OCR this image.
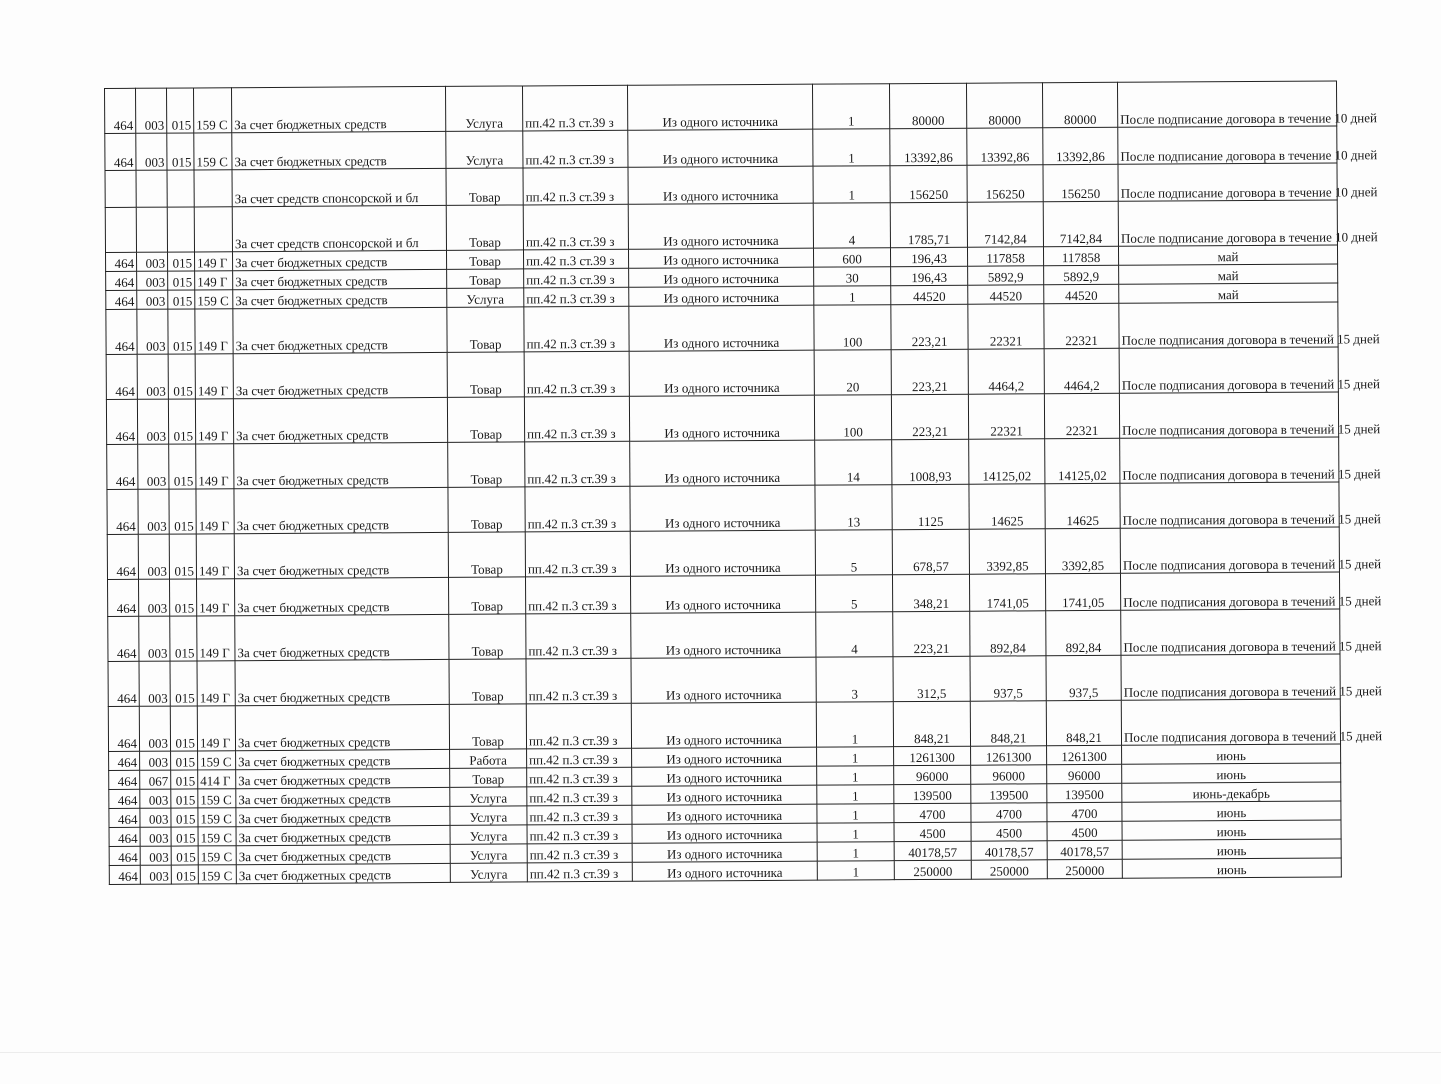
464	003	015	159 С	За счет бюджетных средств	Услуга	пп.42 п.3 ст.39 з	Из одного источника	1	80000	80000	80000	После подписание договора в течение 10 дней
464	003	015	159 С	За счет бюджетных средств	Услуга	пп.42 п.3 ст.39 з	Из одного источника	1	13392,86	13392,86	13392,86	После подписание договора в течение 10 дней
				За счет средств спонсорской и бл	Товар	пп.42 п.3 ст.39 з	Из одного источника	1	156250	156250	156250	После подписание договора в течение 10 дней
				За счет средств спонсорской и бл	Товар	пп.42 п.3 ст.39 з	Из одного источника	4	1785,71	7142,84	7142,84	После подписание договора в течение 10 дней
464	003	015	149 Г	За счет бюджетных средств	Товар	пп.42 п.3 ст.39 з	Из одного источника	600	196,43	117858	117858	май
464	003	015	149 Г	За счет бюджетных средств	Товар	пп.42 п.3 ст.39 з	Из одного источника	30	196,43	5892,9	5892,9	май
464	003	015	159 С	За счет бюджетных средств	Услуга	пп.42 п.3 ст.39 з	Из одного источника	1	44520	44520	44520	май
464	003	015	149 Г	За счет бюджетных средств	Товар	пп.42 п.3 ст.39 з	Из одного источника	100	223,21	22321	22321	После подписания договора в течений 15 дней
464	003	015	149 Г	За счет бюджетных средств	Товар	пп.42 п.3 ст.39 з	Из одного источника	20	223,21	4464,2	4464,2	После подписания договора в течений 15 дней
464	003	015	149 Г	За счет бюджетных средств	Товар	пп.42 п.3 ст.39 з	Из одного источника	100	223,21	22321	22321	После подписания договора в течений 15 дней
464	003	015	149 Г	За счет бюджетных средств	Товар	пп.42 п.3 ст.39 з	Из одного источника	14	1008,93	14125,02	14125,02	После подписания договора в течений 15 дней
464	003	015	149 Г	За счет бюджетных средств	Товар	пп.42 п.3 ст.39 з	Из одного источника	13	1125	14625	14625	После подписания договора в течений 15 дней
464	003	015	149 Г	За счет бюджетных средств	Товар	пп.42 п.3 ст.39 з	Из одного источника	5	678,57	3392,85	3392,85	После подписания договора в течений 15 дней
464	003	015	149 Г	За счет бюджетных средств	Товар	пп.42 п.3 ст.39 з	Из одного источника	5	348,21	1741,05	1741,05	После подписания договора в течений 15 дней
464	003	015	149 Г	За счет бюджетных средств	Товар	пп.42 п.3 ст.39 з	Из одного источника	4	223,21	892,84	892,84	После подписания договора в течений 15 дней
464	003	015	149 Г	За счет бюджетных средств	Товар	пп.42 п.3 ст.39 з	Из одного источника	3	312,5	937,5	937,5	После подписания договора в течений 15 дней
464	003	015	149 Г	За счет бюджетных средств	Товар	пп.42 п.3 ст.39 з	Из одного источника	1	848,21	848,21	848,21	После подписания договора в течений 15 дней
464	003	015	159 С	За счет бюджетных средств	Работа	пп.42 п.3 ст.39 з	Из одного источника	1	1261300	1261300	1261300	июнь
464	067	015	414 Г	За счет бюджетных средств	Товар	пп.42 п.3 ст.39 з	Из одного источника	1	96000	96000	96000	июнь
464	003	015	159 С	За счет бюджетных средств	Услуга	пп.42 п.3 ст.39 з	Из одного источника	1	139500	139500	139500	июнь-декабрь
464	003	015	159 С	За счет бюджетных средств	Услуга	пп.42 п.3 ст.39 з	Из одного источника	1	4700	4700	4700	июнь
464	003	015	159 С	За счет бюджетных средств	Услуга	пп.42 п.3 ст.39 з	Из одного источника	1	4500	4500	4500	июнь
464	003	015	159 С	За счет бюджетных средств	Услуга	пп.42 п.3 ст.39 з	Из одного источника	1	40178,57	40178,57	40178,57	июнь
464	003	015	159 С	За счет бюджетных средств	Услуга	пп.42 п.3 ст.39 з	Из одного источника	1	250000	250000	250000	июнь
